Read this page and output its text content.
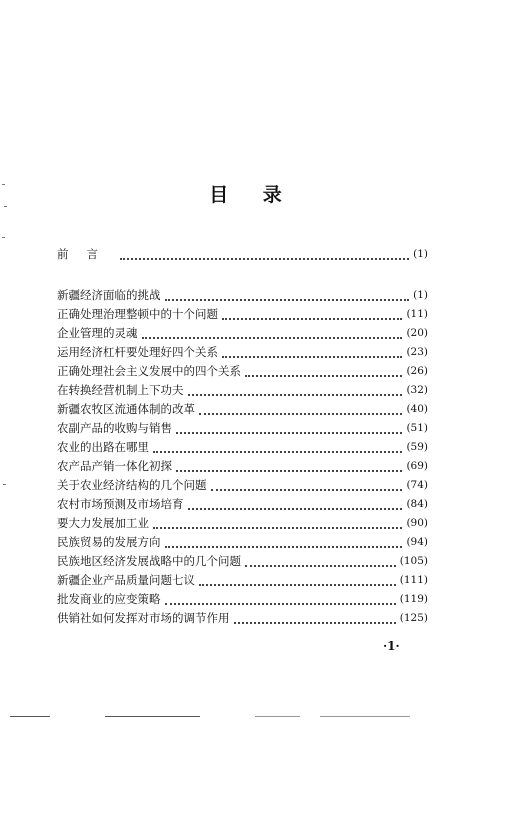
目 录
前言	(1)
新疆经济面临的挑战	(1)
正确处理治理整顿中的十个问题	(11)
企业管理的灵魂	(20)
运用经济杠杆要处理好四个关系	(23)
正确处理社会主义发展中的四个关系	(26)
在转换经营机制上下功夫	(32)
新疆农牧区流通体制的改革	(40)
农副产品的收购与销售	(51)
农业的出路在哪里	(59)
农产品产销一体化初探	(69)
关于农业经济结构的几个问题	(74)
农村市场预测及市场培育	(84)
要大力发展加工业	(90)
民族贸易的发展方向	(94)
民族地区经济发展战略中的几个问题	(105)
新疆企业产品质量问题七议	(111)
批发商业的应变策略	(119)
供销社如何发挥对市场的调节作用	(125)
·1·
